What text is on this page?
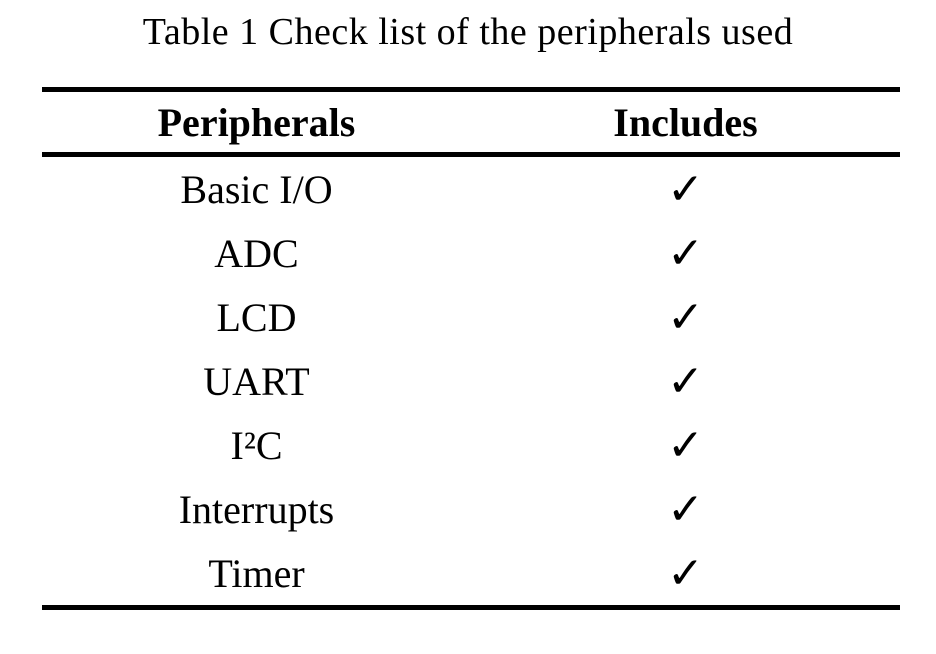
Table 1 Check list of the peripherals used
Peripherals	Includes
Basic I/O	✓
ADC	✓
LCD	✓
UART	✓
I²C	✓
Interrupts	✓
Timer	✓
